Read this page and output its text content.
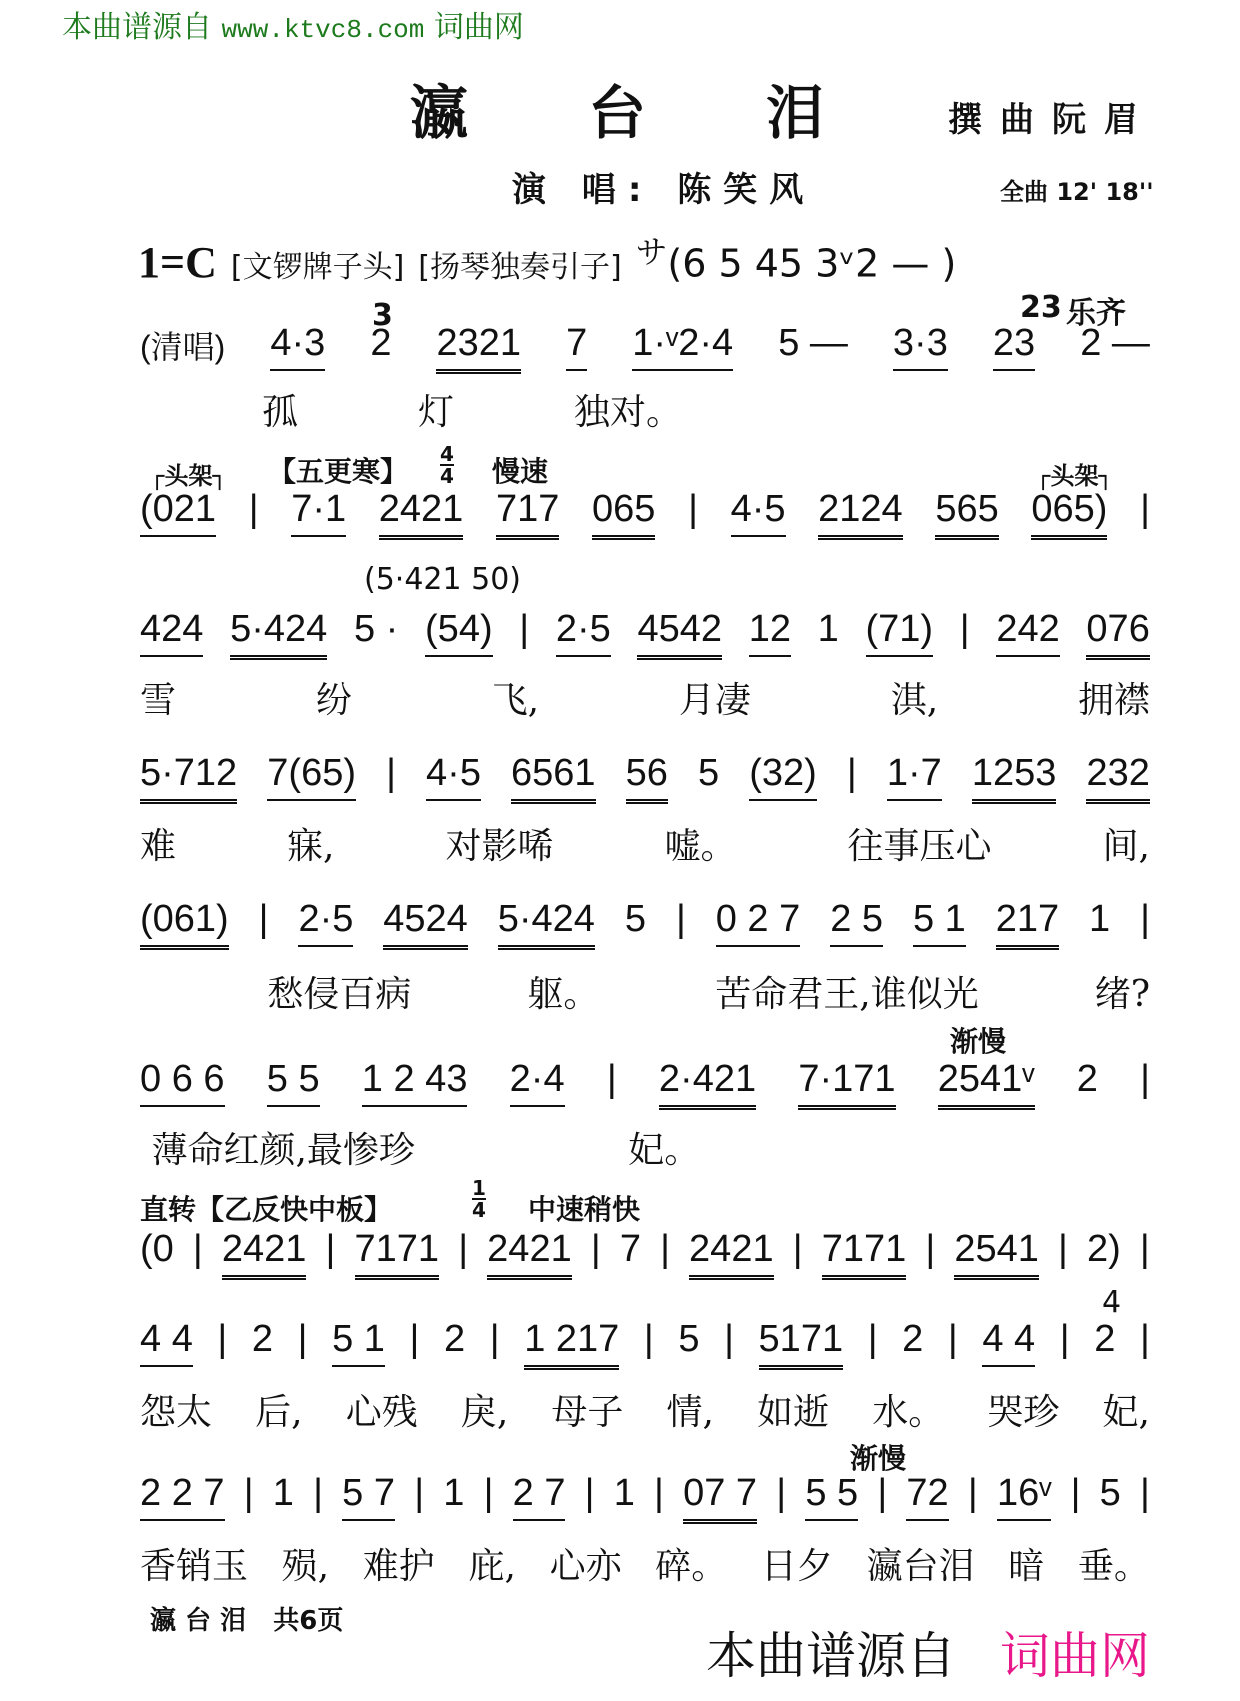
本曲谱源自 www.ktvc8.com 词曲网
瀛台泪 撰曲阮眉
演 唱: 陈笑风	全曲 12' 18''
1=C [文锣牌子头] [扬琴独奏引子] $^サ$(6 5 45 3ᵛ2 — )
3	23 乐齐
┌头架┐ 【五更寒】 $\frac{4}{4}$ 慢速	┌头架┐
(5·421 50)
渐慢
直转【乙反快中板】	$\frac{1}{4}$ 中速稍快
4
渐慢
(清唱) 4·3 2 2321 7 1·ᵛ2·4 5 — 3·3 23 2 —
孤	灯	独对。
(021 | 7·1 2421 717 065 | 4·5 2124 565 065) |
424 5·424 5 · (54) | 2·5 4542 12 1 (71) | 242 076
雪	纷	飞,	月凄	淇,	拥襟
5·712 7(65) | 4·5 6561 56 5 (32) | 1·7 1253 232
难	寐,	对影唏	嘘。	往事压心	间,
(061) | 2·5 4524 5·424 5 | 0 2 7 2 5 5 1 217 1 |

愁侵百病	躯。	苦命君王,谁似光	绪?
0 6 6 5 5 1 2 43 2·4 | 2·421 7·171 2541ᵛ 2 |
薄命红颜,最惨珍	妃。

(0 | 2421 | 7171 | 2421 | 7 | 2421 | 7171 | 2541 | 2) |
4 4 | 2 | 5 1 | 2 | 1 217 | 5 | 5171 | 2 | 4 4 | 2 |
怨太 后, 心残 戾, 母子 情, 如逝 水。 哭珍 妃,
2 2 7 | 1 | 5 7 | 1 | 2 7 | 1 | 07 7 | 5 5 | 72 | 16ᵛ | 5 |
香销玉 殒, 难护 庇, 心亦 碎。 日夕 瀛台泪 暗 垂。
瀛 台 泪   共6页
本曲谱源自 词曲网
